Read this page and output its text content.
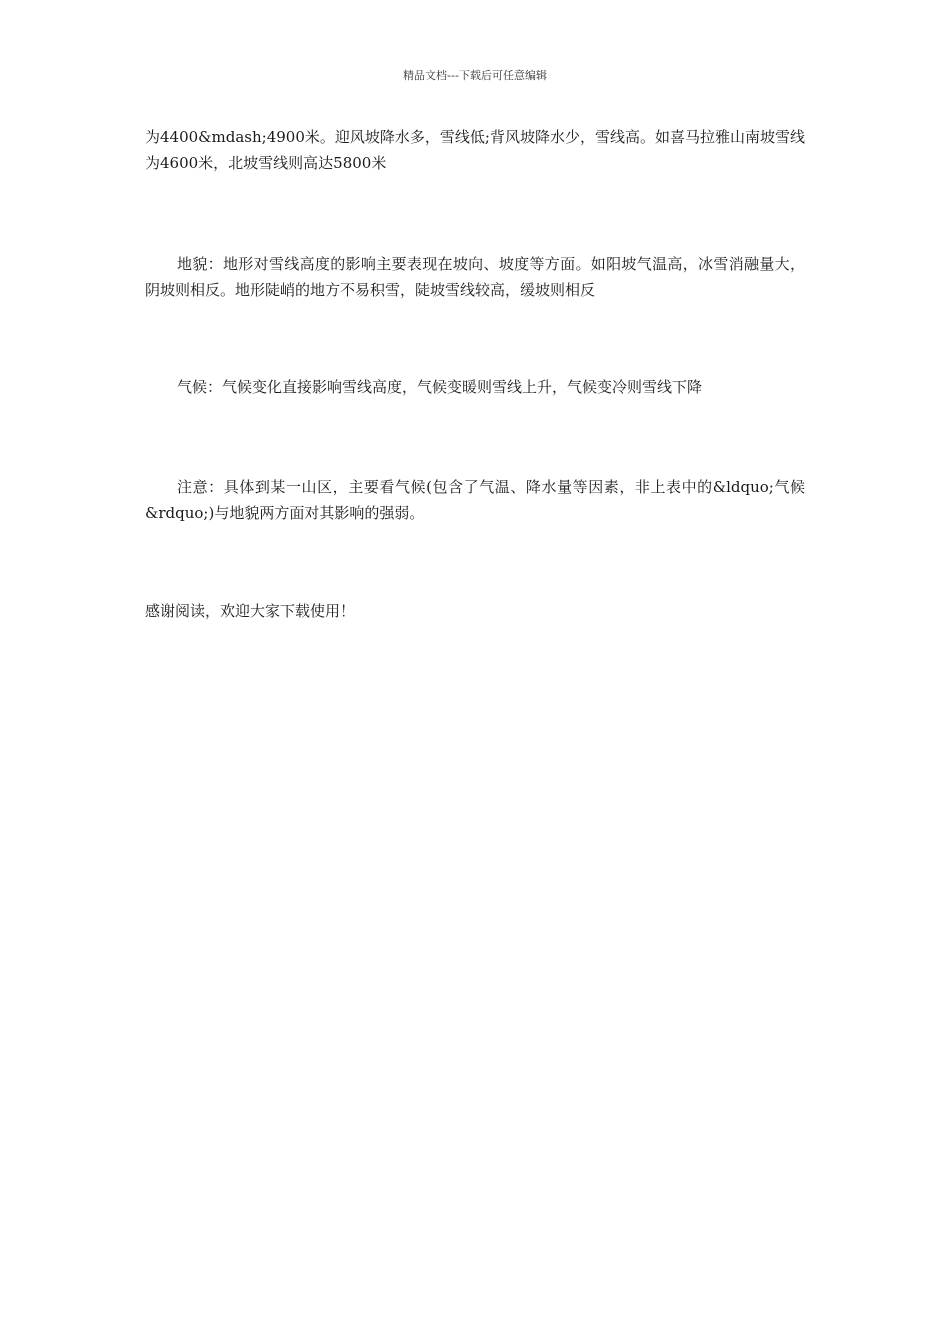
精品文档---下载后可任意编辑

为4400&mdash;4900米。迎风坡降水多，雪线低;背风坡降水少，雪线高。如喜马拉雅山南坡雪线为4600米，北坡雪线则高达5800米

地貌：地形对雪线高度的影响主要表现在坡向、坡度等方面。如阳坡气温高，冰雪消融量大，阴坡则相反。地形陡峭的地方不易积雪，陡坡雪线较高，缓坡则相反

气候：气候变化直接影响雪线高度，气候变暖则雪线上升，气候变冷则雪线下降

注意：具体到某一山区，主要看气候(包含了气温、降水量等因素，非上表中的&ldquo;气候&rdquo;)与地貌两方面对其影响的强弱。

感谢阅读，欢迎大家下载使用！
